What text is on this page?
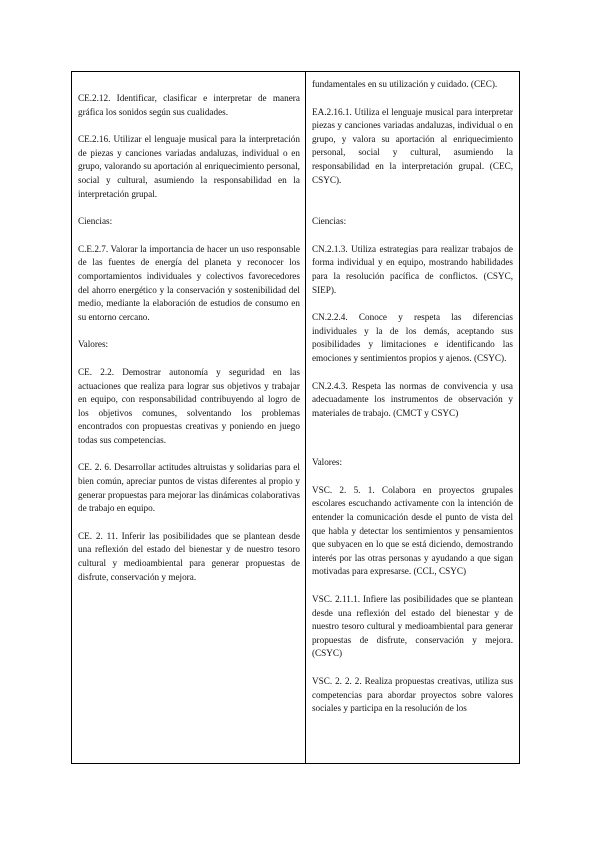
CE.2.12. Identificar, clasificar e interpretar de manera gráfica los sonidos según sus cualidades.

CE.2.16. Utilizar el lenguaje musical para la interpretación de piezas y canciones variadas andaluzas, individual o en grupo, valorando su aportación al enriquecimiento personal, social y cultural, asumiendo la responsabilidad en la interpretación grupal.

Ciencias:

C.E.2.7. Valorar la importancia de hacer un uso responsable de las fuentes de energía del planeta y reconocer los comportamientos individuales y colectivos favorecedores del ahorro energético y la conservación y sostenibilidad del medio, mediante la elaboración de estudios de consumo en su entorno cercano.

Valores:

CE. 2.2. Demostrar autonomía y seguridad en las actuaciones que realiza para lograr sus objetivos y trabajar en equipo, con responsabilidad contribuyendo al logro de los objetivos comunes, solventando los problemas encontrados con propuestas creativas y poniendo en juego todas sus competencias.

CE. 2. 6. Desarrollar actitudes altruistas y solidarias para el bien común, apreciar puntos de vistas diferentes al propio y generar propuestas para mejorar las dinámicas colaborativas de trabajo en equipo.

CE. 2. 11. Inferir las posibilidades que se plantean desde una reflexión del estado del bienestar y de nuestro tesoro cultural y medioambiental para generar propuestas de disfrute, conservación y mejora.

fundamentales en su utilización y cuidado. (CEC).

EA.2.16.1. Utiliza el lenguaje musical para interpretar piezas y canciones variadas andaluzas, individual o en grupo, y valora su aportación al enriquecimiento personal, social y cultural, asumiendo la responsabilidad en la interpretación grupal. (CEC, CSYC).

Ciencias:

CN.2.1.3. Utiliza estrategias para realizar trabajos de forma individual y en equipo, mostrando habilidades para la resolución pacífica de conflictos. (CSYC, SIEP).

CN.2.2.4. Conoce y respeta las diferencias individuales y la de los demás, aceptando sus posibilidades y limitaciones e identificando las emociones y sentimientos propios y ajenos. (CSYC).

CN.2.4.3. Respeta las normas de convivencia y usa adecuadamente los instrumentos de observación y materiales de trabajo. (CMCT y CSYC)

Valores:

VSC. 2. 5. 1. Colabora en proyectos grupales escolares escuchando activamente con la intención de entender la comunicación desde el punto de vista del que habla y detectar los sentimientos y pensamientos que subyacen en lo que se está diciendo, demostrando interés por las otras personas y ayudando a que sigan motivadas para expresarse. (CCL, CSYC)

VSC. 2.11.1. Infiere las posibilidades que se plantean desde una reflexión del estado del bienestar y de nuestro tesoro cultural y medioambiental para generar propuestas de disfrute, conservación y mejora. (CSYC)

VSC. 2. 2. 2. Realiza propuestas creativas, utiliza sus competencias para abordar proyectos sobre valores sociales y participa en la resolución de los
